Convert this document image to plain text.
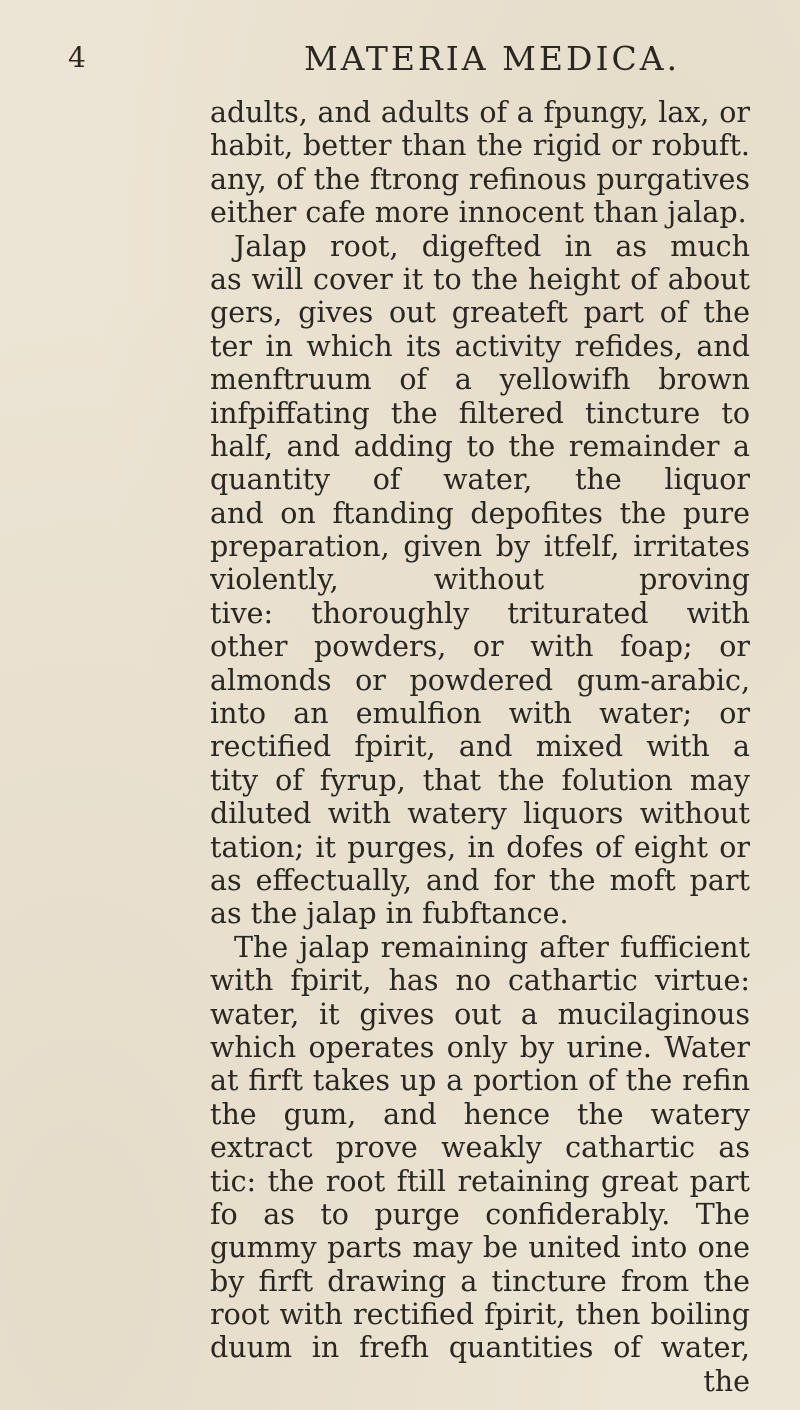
4	MATERIA MEDICA.
adults, and adults of a fpungy, lax, or
habit, better than the rigid or robuft.
any, of the ftrong refinous purgatives
either cafe more innocent than jalap.
Jalap root, digefted in as much
as will cover it to the height of about
gers, gives out greateft part of the
ter in which its activity refides, and
menftruum of a yellowifh brown
infpiffating the filtered tincture to
half, and adding to the remainder a
quantity of water, the liquor
and on ftanding depofites the pure
preparation, given by itfelf, irritates
violently, without proving
tive: thoroughly triturated with
other powders, or with foap; or
almonds or powdered gum-arabic,
into an emulfion with water; or
rectified fpirit, and mixed with a
tity of fyrup, that the folution may
diluted with watery liquors without
tation; it purges, in dofes of eight or
as effectually, and for the moft part
as the jalap in fubftance.
The jalap remaining after fufficient
with fpirit, has no cathartic virtue:
water, it gives out a mucilaginous
which operates only by urine. Water
at firft takes up a portion of the refin
the gum, and hence the watery
extract prove weakly cathartic as
tic: the root ftill retaining great part
fo as to purge confiderably. The
gummy parts may be united into one
by firft drawing a tincture from the
root with rectified fpirit, then boiling
duum in frefh quantities of water,
the
